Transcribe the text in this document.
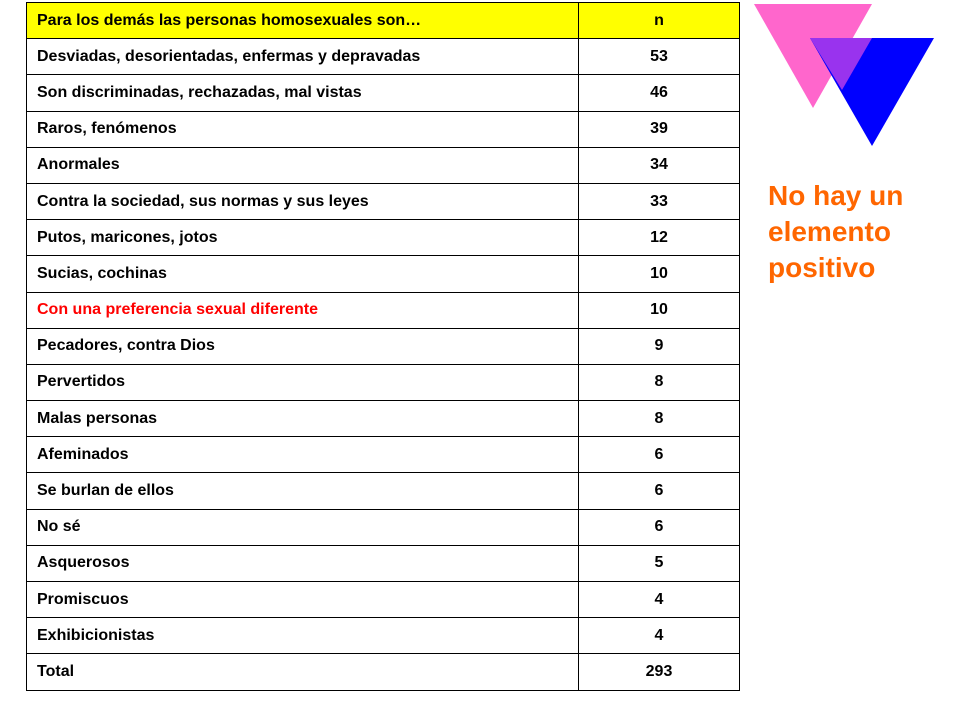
Para los demás las personas homosexuales son…	n
Desviadas, desorientadas, enfermas y depravadas	53
Son discriminadas, rechazadas, mal vistas	46
Raros, fenómenos	39
Anormales	34
Contra la sociedad, sus normas y sus leyes	33
Putos, maricones, jotos	12
Sucias, cochinas	10
Con una preferencia sexual diferente	10
Pecadores, contra Dios	9
Pervertidos	8
Malas personas	8
Afeminados	6
Se burlan de ellos	6
No sé	6
Asquerosos	5
Promiscuos	4
Exhibicionistas	4
Total	293
No hay un
elemento
positivo
